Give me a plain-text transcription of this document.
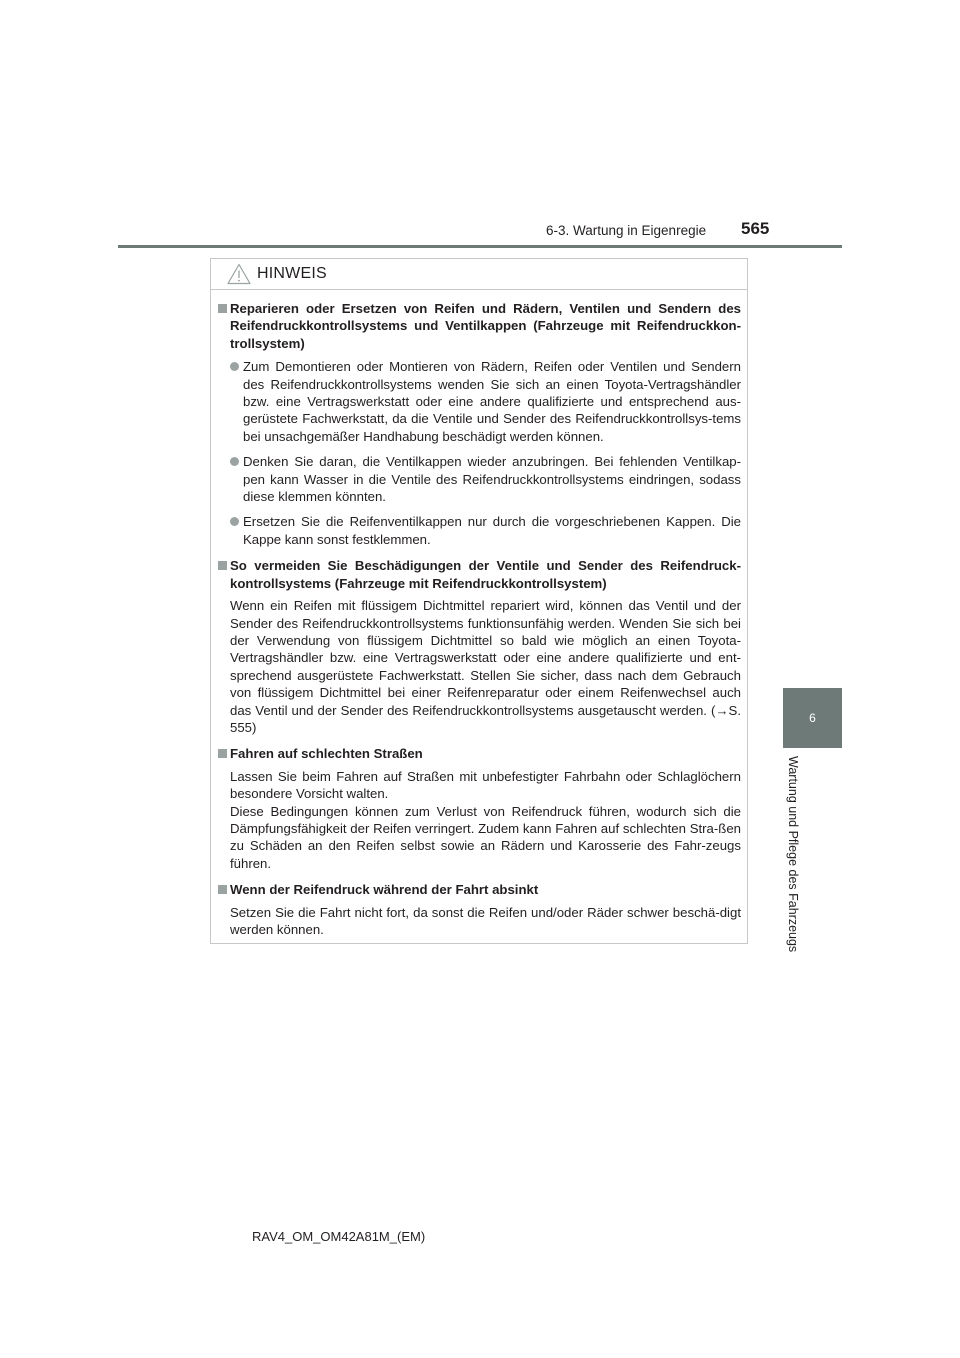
6-3. Wartung in Eigenregie 565
6
Wartung und Pflege des Fahrzeugs
HINWEIS
Reparieren oder Ersetzen von Reifen und Rädern, Ventilen und Sendern des Reifendruckkontrollsystems und Ventilkappen (Fahrzeuge mit Reifendruckkon-trollsystem)
Zum Demontieren oder Montieren von Rädern, Reifen oder Ventilen und Sendern des Reifendruckkontrollsystems wenden Sie sich an einen Toyota-Vertragshändler bzw. eine Vertragswerkstatt oder eine andere qualifizierte und entsprechend aus-gerüstete Fachwerkstatt, da die Ventile und Sender des Reifendruckkontrollsys-tems bei unsachgemäßer Handhabung beschädigt werden können.
Denken Sie daran, die Ventilkappen wieder anzubringen. Bei fehlenden Ventilkap-pen kann Wasser in die Ventile des Reifendruckkontrollsystems eindringen, sodass diese klemmen könnten.
Ersetzen Sie die Reifenventilkappen nur durch die vorgeschriebenen Kappen. Die Kappe kann sonst festklemmen.
So vermeiden Sie Beschädigungen der Ventile und Sender des Reifendruck-kontrollsystems (Fahrzeuge mit Reifendruckkontrollsystem)
Wenn ein Reifen mit flüssigem Dichtmittel repariert wird, können das Ventil und der Sender des Reifendruckkontrollsystems funktionsunfähig werden. Wenden Sie sich bei der Verwendung von flüssigem Dichtmittel so bald wie möglich an einen Toyota-Vertragshändler bzw. eine Vertragswerkstatt oder eine andere qualifizierte und ent-sprechend ausgerüstete Fachwerkstatt. Stellen Sie sicher, dass nach dem Gebrauch von flüssigem Dichtmittel bei einer Reifenreparatur oder einem Reifenwechsel auch das Ventil und der Sender des Reifendruckkontrollsystems ausgetauscht werden. (→S. 555)
Fahren auf schlechten Straßen
Lassen Sie beim Fahren auf Straßen mit unbefestigter Fahrbahn oder Schlaglöchern besondere Vorsicht walten.
Diese Bedingungen können zum Verlust von Reifendruck führen, wodurch sich die Dämpfungsfähigkeit der Reifen verringert. Zudem kann Fahren auf schlechten Stra-ßen zu Schäden an den Reifen selbst sowie an Rädern und Karosserie des Fahr-zeugs führen.
Wenn der Reifendruck während der Fahrt absinkt
Setzen Sie die Fahrt nicht fort, da sonst die Reifen und/oder Räder schwer beschä-digt werden können.
RAV4_OM_OM42A81M_(EM)
